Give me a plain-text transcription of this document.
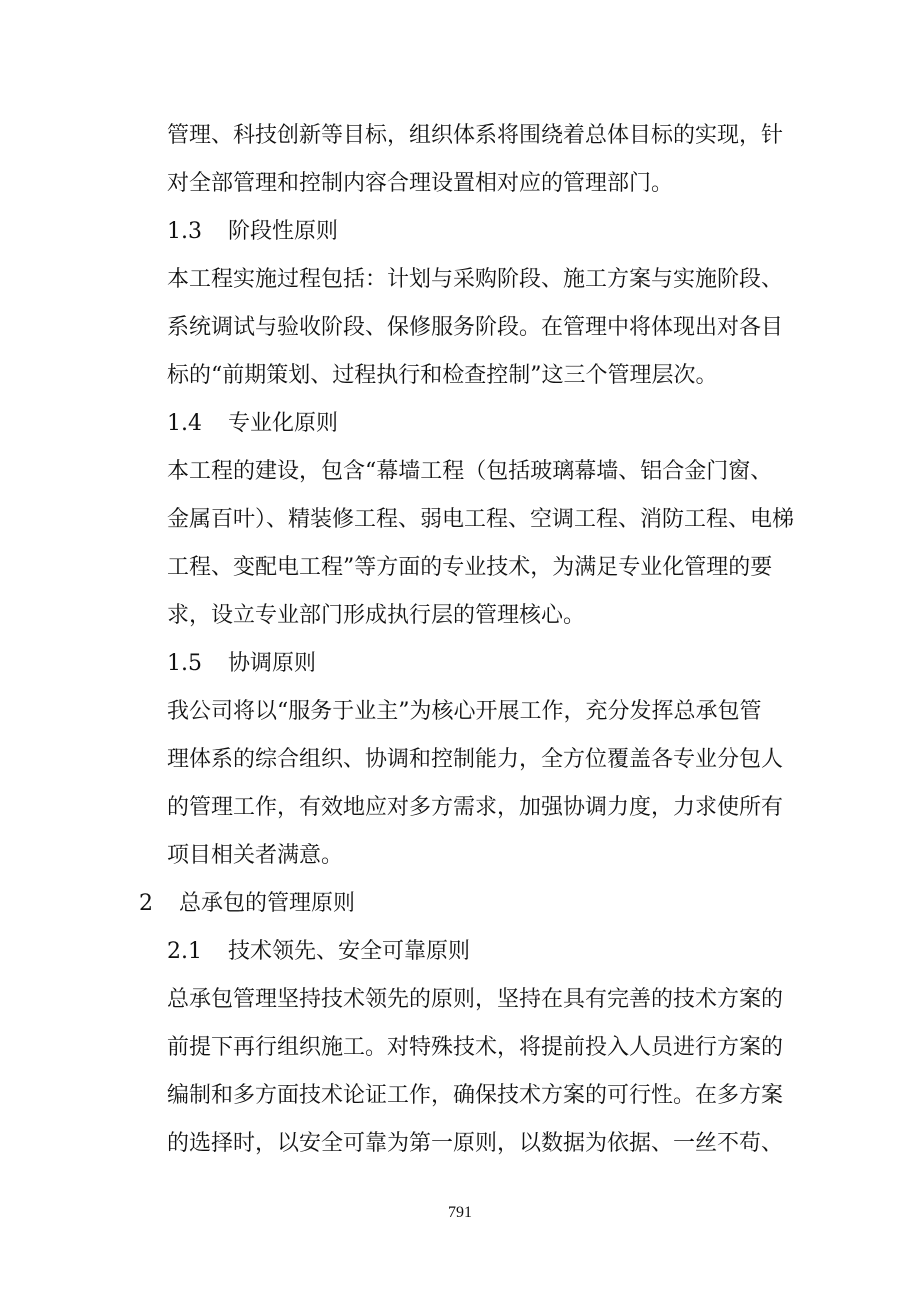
管理、科技创新等目标，组织体系将围绕着总体目标的实现，针
对全部管理和控制内容合理设置相对应的管理部门。
1.3 阶段性原则
本工程实施过程包括：计划与采购阶段、施工方案与实施阶段、
系统调试与验收阶段、保修服务阶段。在管理中将体现出对各目
标的“前期策划、过程执行和检查控制”这三个管理层次。
1.4 专业化原则
本工程的建设，包含“幕墙工程（包括玻璃幕墙、铝合金门窗、
金属百叶）、精装修工程、弱电工程、空调工程、消防工程、电梯
工程、变配电工程”等方面的专业技术，为满足专业化管理的要
求，设立专业部门形成执行层的管理核心。
1.5 协调原则
我公司将以“服务于业主”为核心开展工作，充分发挥总承包管
理体系的综合组织、协调和控制能力，全方位覆盖各专业分包人
的管理工作，有效地应对多方需求，加强协调力度，力求使所有
项目相关者满意。
2 总承包的管理原则
2.1 技术领先、安全可靠原则
总承包管理坚持技术领先的原则，坚持在具有完善的技术方案的
前提下再行组织施工。对特殊技术，将提前投入人员进行方案的
编制和多方面技术论证工作，确保技术方案的可行性。在多方案
的选择时，以安全可靠为第一原则，以数据为依据、一丝不苟、
791
